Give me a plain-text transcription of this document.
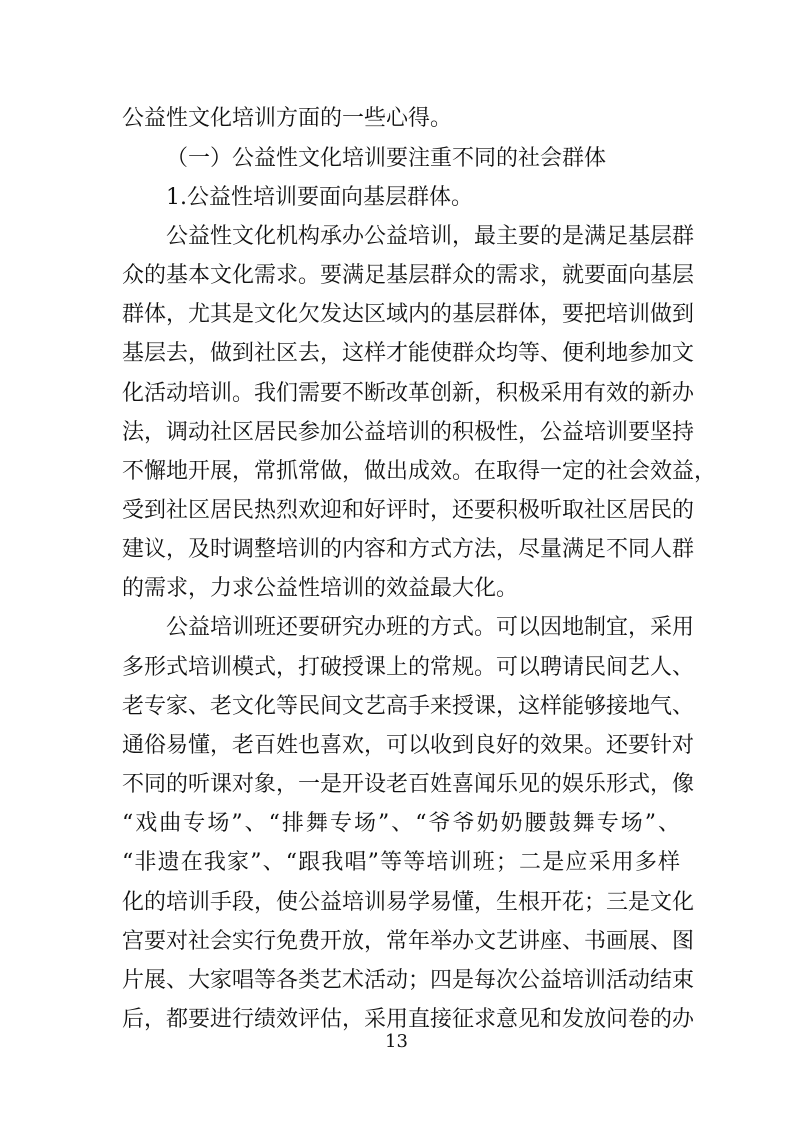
公益性文化培训方面的一些心得。
（一）公益性文化培训要注重不同的社会群体
1.公益性培训要面向基层群体。
公益性文化机构承办公益培训，最主要的是满足基层群
众的基本文化需求。要满足基层群众的需求，就要面向基层
群体，尤其是文化欠发达区域内的基层群体，要把培训做到
基层去，做到社区去，这样才能使群众均等、便利地参加文
化活动培训。我们需要不断改革创新，积极采用有效的新办
法，调动社区居民参加公益培训的积极性，公益培训要坚持
不懈地开展，常抓常做，做出成效。在取得一定的社会效益，
受到社区居民热烈欢迎和好评时，还要积极听取社区居民的
建议，及时调整培训的内容和方式方法，尽量满足不同人群
的需求，力求公益性培训的效益最大化。
公益培训班还要研究办班的方式。可以因地制宜，采用
多形式培训模式，打破授课上的常规。可以聘请民间艺人、
老专家、老文化等民间文艺高手来授课，这样能够接地气、
通俗易懂，老百姓也喜欢，可以收到良好的效果。还要针对
不同的听课对象，一是开设老百姓喜闻乐见的娱乐形式，像
“戏曲专场”、“排舞专场”、“爷爷奶奶腰鼓舞专场”、
“非遗在我家”、“跟我唱”等等培训班；二是应采用多样
化的培训手段，使公益培训易学易懂，生根开花；三是文化
宫要对社会实行免费开放，常年举办文艺讲座、书画展、图
片展、大家唱等各类艺术活动；四是每次公益培训活动结束
后，都要进行绩效评估，采用直接征求意见和发放问卷的办
13
